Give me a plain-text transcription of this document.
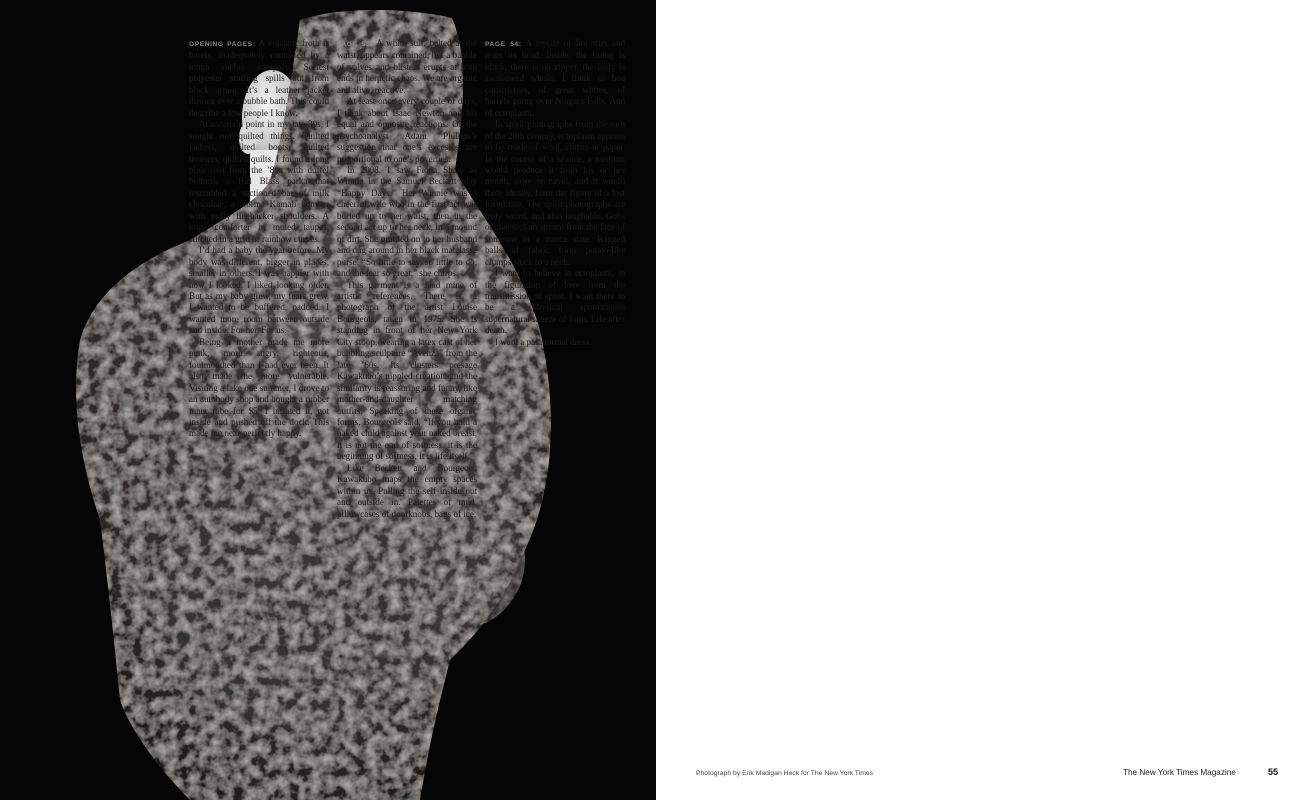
OPENING PAGES: A volcanic froth is barely, inadequately contained by a tough rubber carapace. Softest polyester stuffing spills out from black armor. It’s a leather jacket thrown over a bubble bath. This could describe a few people I know.

At a certain point in my late 30s, I sought out quilted things. Quilted jackets, quilted boots, quilted trousers, quilted quilts. I found a long pink coat from the ’80s with duffel buttons, a Bill Blass parka that resembled a sectioned bar of milk chocolate, a Norma Kamali bomber with puffy linebacker shoulders. A huge comforter in muted taupes, stitched in a grid of rainbow curves.

I’d had a baby the year before. My body was different, bigger in places, smaller in others. I was happier with how I looked. I liked looking older. But as my baby grew, my fears grew. I wanted to be buffered, padded. I wanted more room between outside and inside. For her. For us.

Being a mother made me more punk, more angry, righteous, foulmouthed than I had ever been. It also made me more vulnerable. Visiting a lake one summer, I drove to an autobody shop and bought a rubber inner tube for $5. I inflated it, got inside and pushed off the dock. This made me near-perfectly happy.

PAGE 53: A white suit, belted at the waist, appears contained, but a babble of valves and blisters erupts at both ends in herpetic chaos. We are organic and alive, reactive.

At least once every couple of days, I think about Isaac Newton and his equal and opposite reactions. Or the psychoanalyst Adam Phillips’s suggestion that one’s excesses are proportional to one’s poverties.

In 2008, I saw Fiona Shaw as Winnie in the Samuel Beckett play “Happy Days.” Her Winnie was a cheerful wife who in the first act was buried up to her waist, then in the second act up to her neck, in a mound of dirt. She prattled on to her husband and dug around in her black matelassé purse. “So little to say, so little to do, and the fear so great,” she chirps.

This garment is a land mine of artistic references. There is a photograph of the artist Louise Bourgeois, taken in 1975. She is standing in front of her New York City stoop, wearing a latex cast of her bubbling sculpture “Avenza” from the late ’60s. Its clusters presage Kawakubo’s nippled creation, and the similarity is reassuring and funny, like mother-and-daughter matching outfits. Speaking of these organic forms, Bourgeois said, “If you hold a naked child against your naked breast, it is not the end of softness, it is the beginning of softness, it is life itself.”

Like Beckett and Bourgeois, Kawakubo maps the empty spaces within us. Pulling the self inside out and outside in. Palettes of mud, pillowcases of doorknobs, bags of ice.

PAGE 54: A reptile of lint stirs and rears its head. Inside, the lining is black, there is no zipper, the body is swallowed whole. I think of boa constrictors, of great whites, of barrels going over Niagara Falls. And of ectoplasm.

In spirit photographs from the turn of the 20th century, ectoplasm appears to be made of wool, cotton or paper. In the course of a séance, a medium would produce it from his or her mouth, nose or navel, and it would then, ideally, form the figure of a lost loved one. The spirit photographs are truly weird, and also laughable. Gobs of cheesecloth stream from the face of someone in a trance state. Ragged balls of fabric form potato-like clumps stuck to a neck.

I want to believe in ectoplasm, in the figuration of love from the transmission of spirit. I want there to be a physical spontaneous supernatural sneeze of form. Life after death.

I want a paranormal dress.

Photograph by Erik Madigan Heck for The New York Times	The New York Times Magazine	55
